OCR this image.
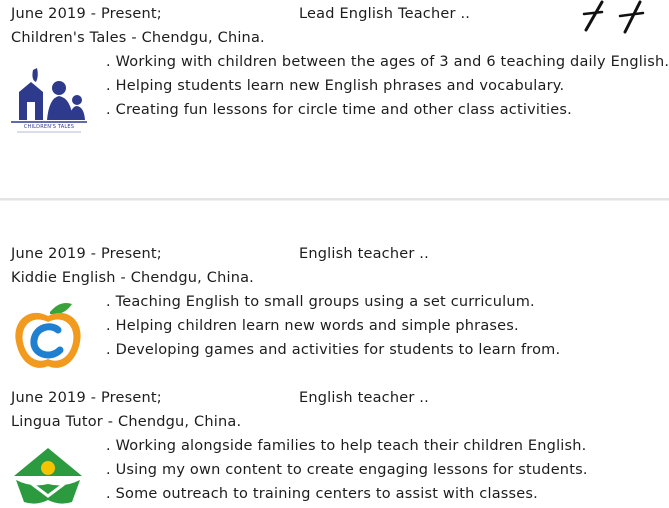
June 2019 - Present;	Lead English Teacher ..
Children's Tales - Chendgu, China.
CHILDREN'S TALES
. Working with children between the ages of 3 and 6 teaching daily English.
. Helping students learn new English phrases and vocabulary.
. Creating fun lessons for circle time and other class activities.
June 2019 - Present;	English teacher ..
Kiddie English - Chendgu, China.
. Teaching English to small groups using a set curriculum.
. Helping children learn new words and simple phrases.
. Developing games and activities for students to learn from.
June 2019 - Present;	English teacher ..
Lingua Tutor - Chendgu, China.
. Working alongside families to help teach their children English.
. Using my own content to create engaging lessons for students.
. Some outreach to training centers to assist with classes.
